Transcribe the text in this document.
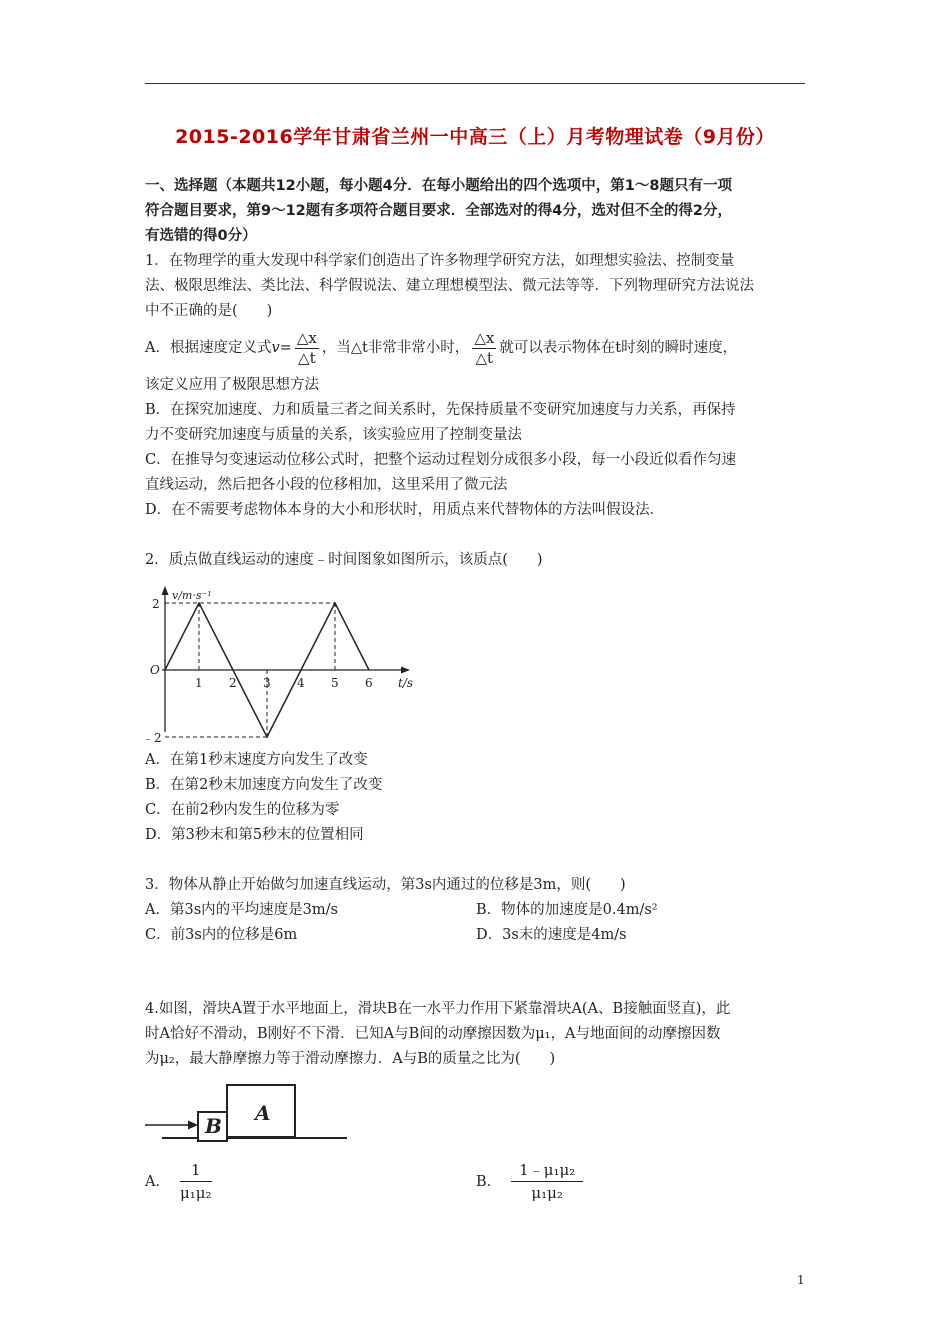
2015-2016学年甘肃省兰州一中高三（上）月考物理试卷（9月份）
一、选择题（本题共12小题，每小题4分．在每小题给出的四个选项中，第1～8题只有一项
符合题目要求，第9～12题有多项符合题目要求．全部选对的得4分，选对但不全的得2分，
有选错的得0分）
1．在物理学的重大发现中科学家们创造出了许多物理学研究方法，如理想实验法、控制变量
法、极限思维法、类比法、科学假说法、建立理想模型法、微元法等等．下列物理研究方法说法
中不正确的是(　　)
A．根据速度定义式$v= \frac{\triangle x}{\triangle t}$ ，当△t非常非常小时， $\frac{\triangle x}{\triangle t}$ 就可以表示物体在t时刻的瞬时速度，
该定义应用了极限思想方法
B．在探究加速度、力和质量三者之间关系时，先保持质量不变研究加速度与力关系，再保持
力不变研究加速度与质量的关系，该实验应用了控制变量法
C．在推导匀变速运动位移公式时，把整个运动过程划分成很多小段，每一小段近似看作匀速
直线运动，然后把各小段的位移相加，这里采用了微元法
D．在不需要考虑物体本身的大小和形状时，用质点来代替物体的方法叫假设法．
2．质点做直线运动的速度﹣时间图象如图所示，该质点(　　)
1 2 3 4 5 6
2
O
﹣2
v/m·s⁻¹
t/s
A．在第1秒末速度方向发生了改变
B．在第2秒末加速度方向发生了改变
C．在前2秒内发生的位移为零
D．第3秒末和第5秒末的位置相同
3．物体从静止开始做匀加速直线运动，第3s内通过的位移是3m，则(　　)
A．第3s内的平均速度是3m/s	B．物体的加速度是0.4m/s²
C．前3s内的位移是6m	D．3s末的速度是4m/s
4.如图，滑块A置于水平地面上，滑块B在一水平力作用下紧靠滑块A(A、B接触面竖直)，此
时A恰好不滑动，B刚好不下滑．已知A与B间的动摩擦因数为μ₁，A与地面间的动摩擦因数
为μ₂，最大静摩擦力等于滑动摩擦力．A与B的质量之比为(　　)
A
B
A． $\frac{1}{\text{μ₁μ₂}}$	B． $\frac{\text{1﹣μ₁μ₂}}{\text{μ₁μ₂}}$
1
